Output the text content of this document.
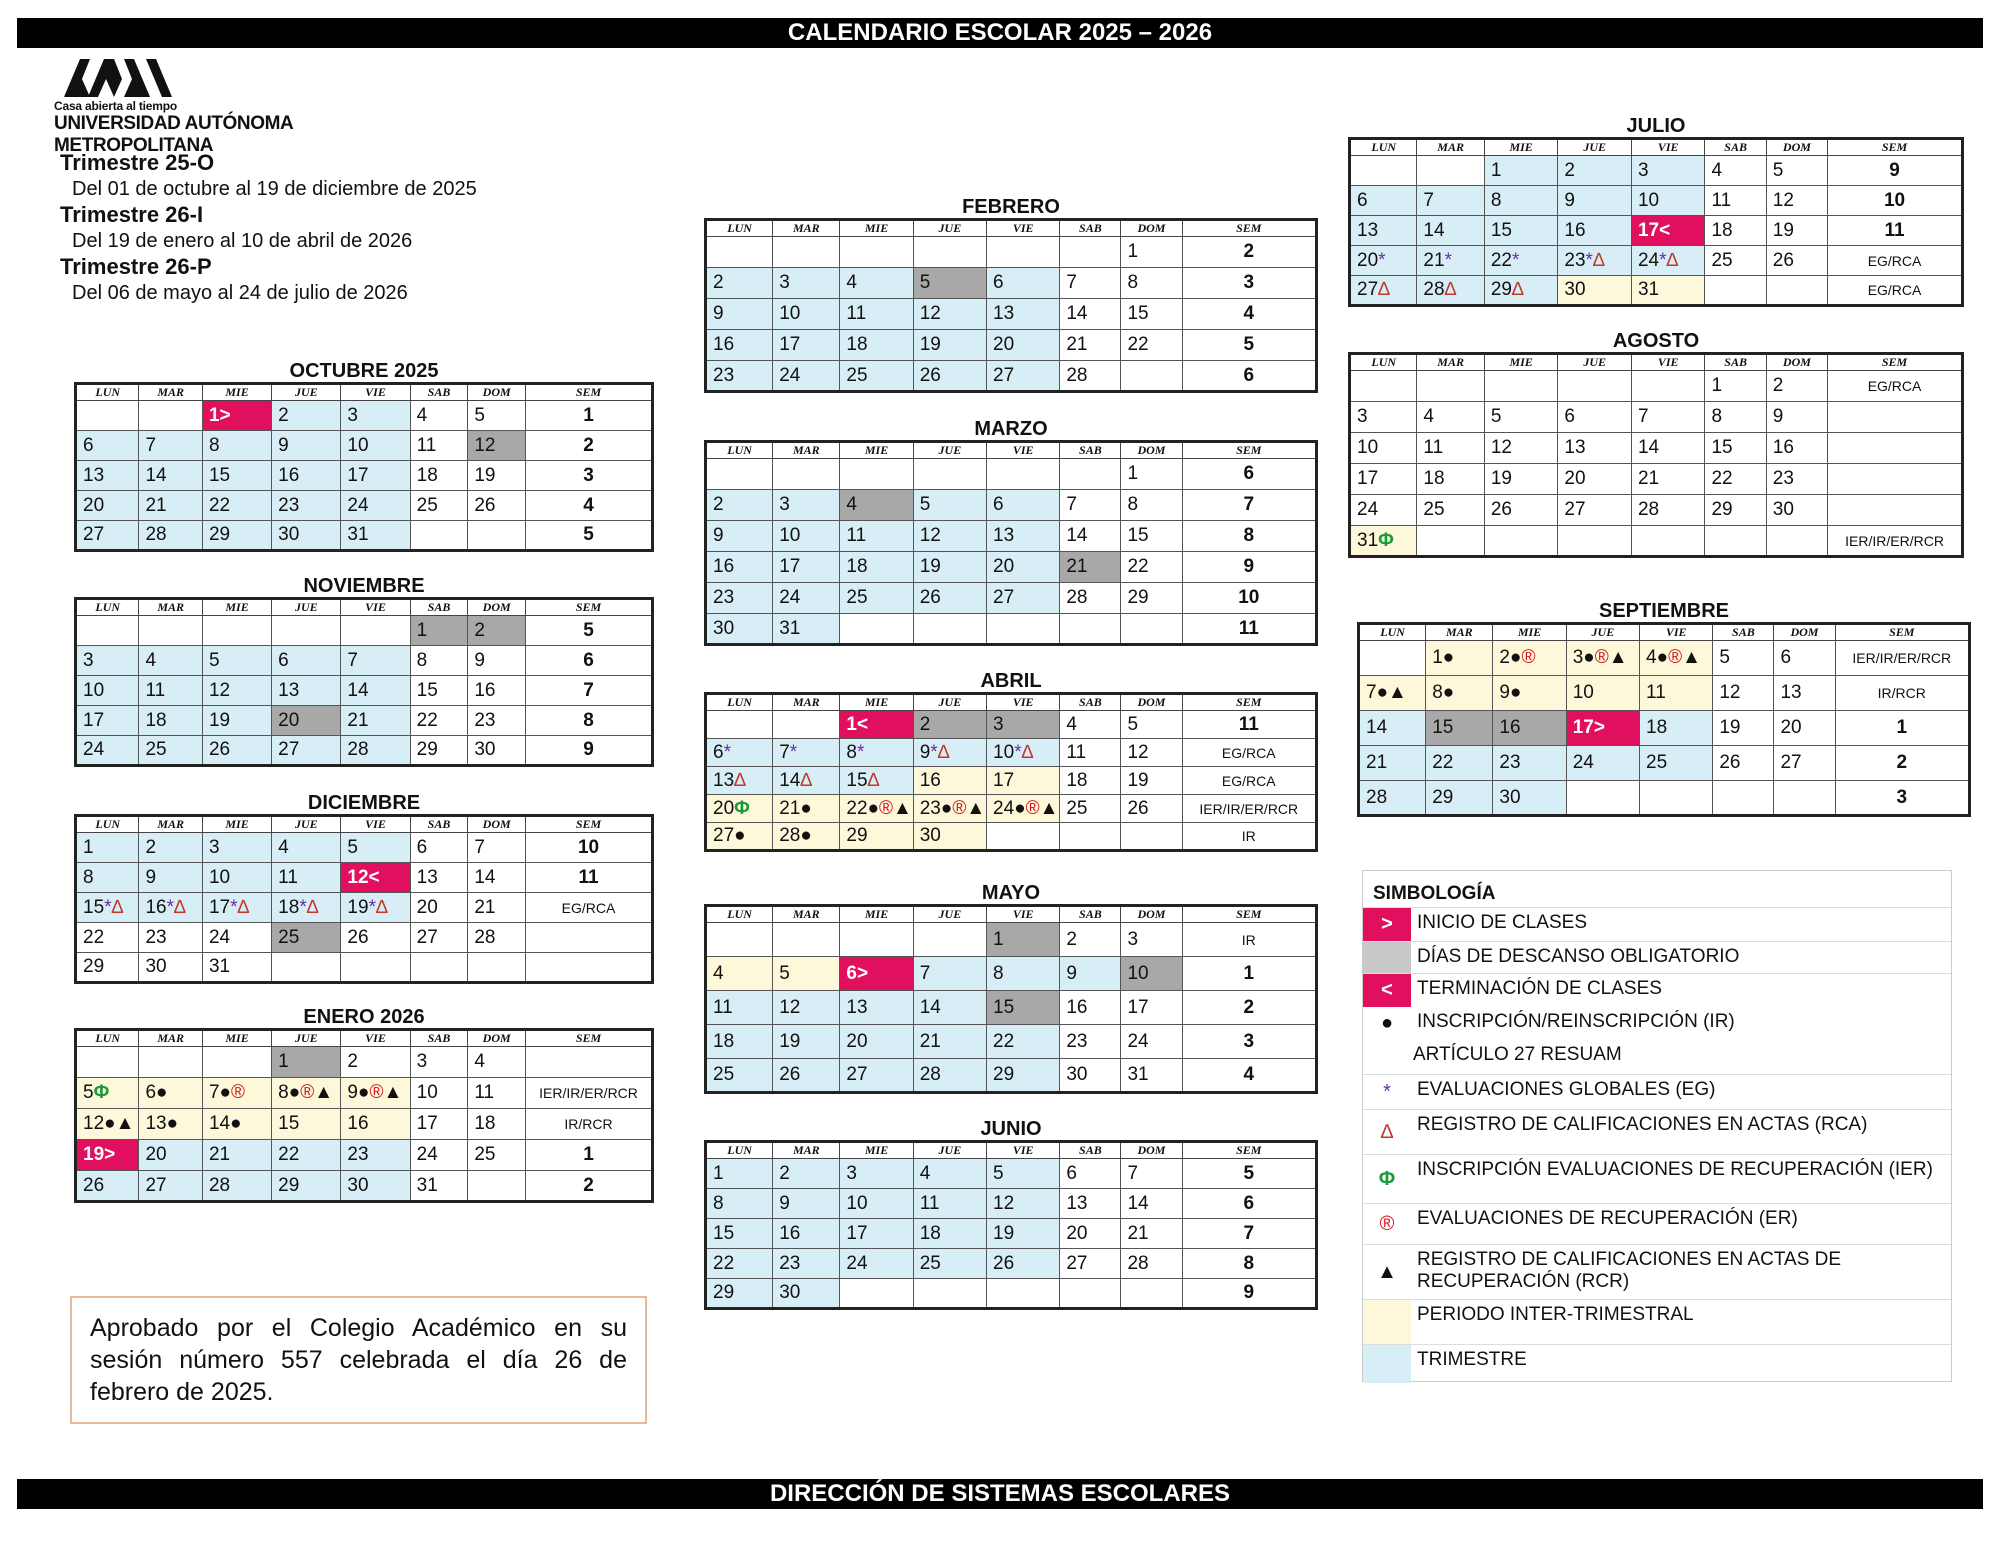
CALENDARIO ESCOLAR 2025 – 2026
Casa abierta al tiempo
UNIVERSIDAD AUTÓNOMA METROPOLITANA
Trimestre 25-O
Del 01 de octubre al 19 de diciembre de 2025
Trimestre 26-I
Del 19 de enero al 10 de abril de 2026
Trimestre 26-P
Del 06 de mayo al 24 de julio de 2026
OCTUBRE 2025
LUN	MAR	MIE	JUE	VIE	SAB	DOM	SEM
		1>	2	3	4	5	1
6	7	8	9	10	11	12	2
13	14	15	16	17	18	19	3
20	21	22	23	24	25	26	4
27	28	29	30	31			5
NOVIEMBRE
LUN	MAR	MIE	JUE	VIE	SAB	DOM	SEM
					1	2	5
3	4	5	6	7	8	9	6
10	11	12	13	14	15	16	7
17	18	19	20	21	22	23	8
24	25	26	27	28	29	30	9
DICIEMBRE
LUN	MAR	MIE	JUE	VIE	SAB	DOM	SEM
1	2	3	4	5	6	7	10
8	9	10	11	12<	13	14	11
15*∆	16*∆	17*∆	18*∆	19*∆	20	21	EG/RCA
22	23	24	25	26	27	28	
29	30	31					
ENERO 2026
LUN	MAR	MIE	JUE	VIE	SAB	DOM	SEM
			1	2	3	4	
5Φ	6●	7●®	8●®▲	9●®▲	10	11	IER/IR/ER/RCR
12●▲	13●	14●	15	16	17	18	IR/RCR
19>	20	21	22	23	24	25	1
26	27	28	29	30	31		2
FEBRERO
LUN	MAR	MIE	JUE	VIE	SAB	DOM	SEM
						1	2
2	3	4	5	6	7	8	3
9	10	11	12	13	14	15	4
16	17	18	19	20	21	22	5
23	24	25	26	27	28		6
MARZO
LUN	MAR	MIE	JUE	VIE	SAB	DOM	SEM
						1	6
2	3	4	5	6	7	8	7
9	10	11	12	13	14	15	8
16	17	18	19	20	21	22	9
23	24	25	26	27	28	29	10
30	31						11
ABRIL
LUN	MAR	MIE	JUE	VIE	SAB	DOM	SEM
		1<	2	3	4	5	11
6*	7*	8*	9*∆	10*∆	11	12	EG/RCA
13∆	14∆	15∆	16	17	18	19	EG/RCA
20Φ	21●	22●®▲	23●®▲	24●®▲	25	26	IER/IR/ER/RCR
27●	28●	29	30				IR
MAYO
LUN	MAR	MIE	JUE	VIE	SAB	DOM	SEM
				1	2	3	IR
4	5	6>	7	8	9	10	1
11	12	13	14	15	16	17	2
18	19	20	21	22	23	24	3
25	26	27	28	29	30	31	4
JUNIO
LUN	MAR	MIE	JUE	VIE	SAB	DOM	SEM
1	2	3	4	5	6	7	5
8	9	10	11	12	13	14	6
15	16	17	18	19	20	21	7
22	23	24	25	26	27	28	8
29	30						9
JULIO
LUN	MAR	MIE	JUE	VIE	SAB	DOM	SEM
		1	2	3	4	5	9
6	7	8	9	10	11	12	10
13	14	15	16	17<	18	19	11
20*	21*	22*	23*∆	24*∆	25	26	EG/RCA
27∆	28∆	29∆	30	31			EG/RCA
AGOSTO
LUN	MAR	MIE	JUE	VIE	SAB	DOM	SEM
					1	2	EG/RCA
3	4	5	6	7	8	9	
10	11	12	13	14	15	16	
17	18	19	20	21	22	23	
24	25	26	27	28	29	30	
31Φ							IER/IR/ER/RCR
SEPTIEMBRE
LUN	MAR	MIE	JUE	VIE	SAB	DOM	SEM
	1●	2●®	3●®▲	4●®▲	5	6	IER/IR/ER/RCR
7●▲	8●	9●	10	11	12	13	IR/RCR
14	15	16	17>	18	19	20	1
21	22	23	24	25	26	27	2
28	29	30					3
SIMBOLOGÍA
>	INICIO DE CLASES
DÍAS DE DESCANSO OBLIGATORIO
<	TERMINACIÓN DE CLASES
●	INSCRIPCIÓN/REINSCRIPCIÓN (IR)
ARTÍCULO 27 RESUAM
*	EVALUACIONES GLOBALES (EG)
∆	REGISTRO DE CALIFICACIONES EN ACTAS (RCA)
Φ	INSCRIPCIÓN EVALUACIONES DE RECUPERACIÓN (IER)
®	EVALUACIONES DE RECUPERACIÓN (ER)
▲
REGISTRO DE CALIFICACIONES EN ACTAS DE RECUPERACIÓN (RCR)
PERIODO INTER-TRIMESTRAL
TRIMESTRE
Aprobado por el Colegio Académico en su sesión número 557 celebrada el día 26 de febrero de 2025.
DIRECCIÓN DE SISTEMAS ESCOLARES
